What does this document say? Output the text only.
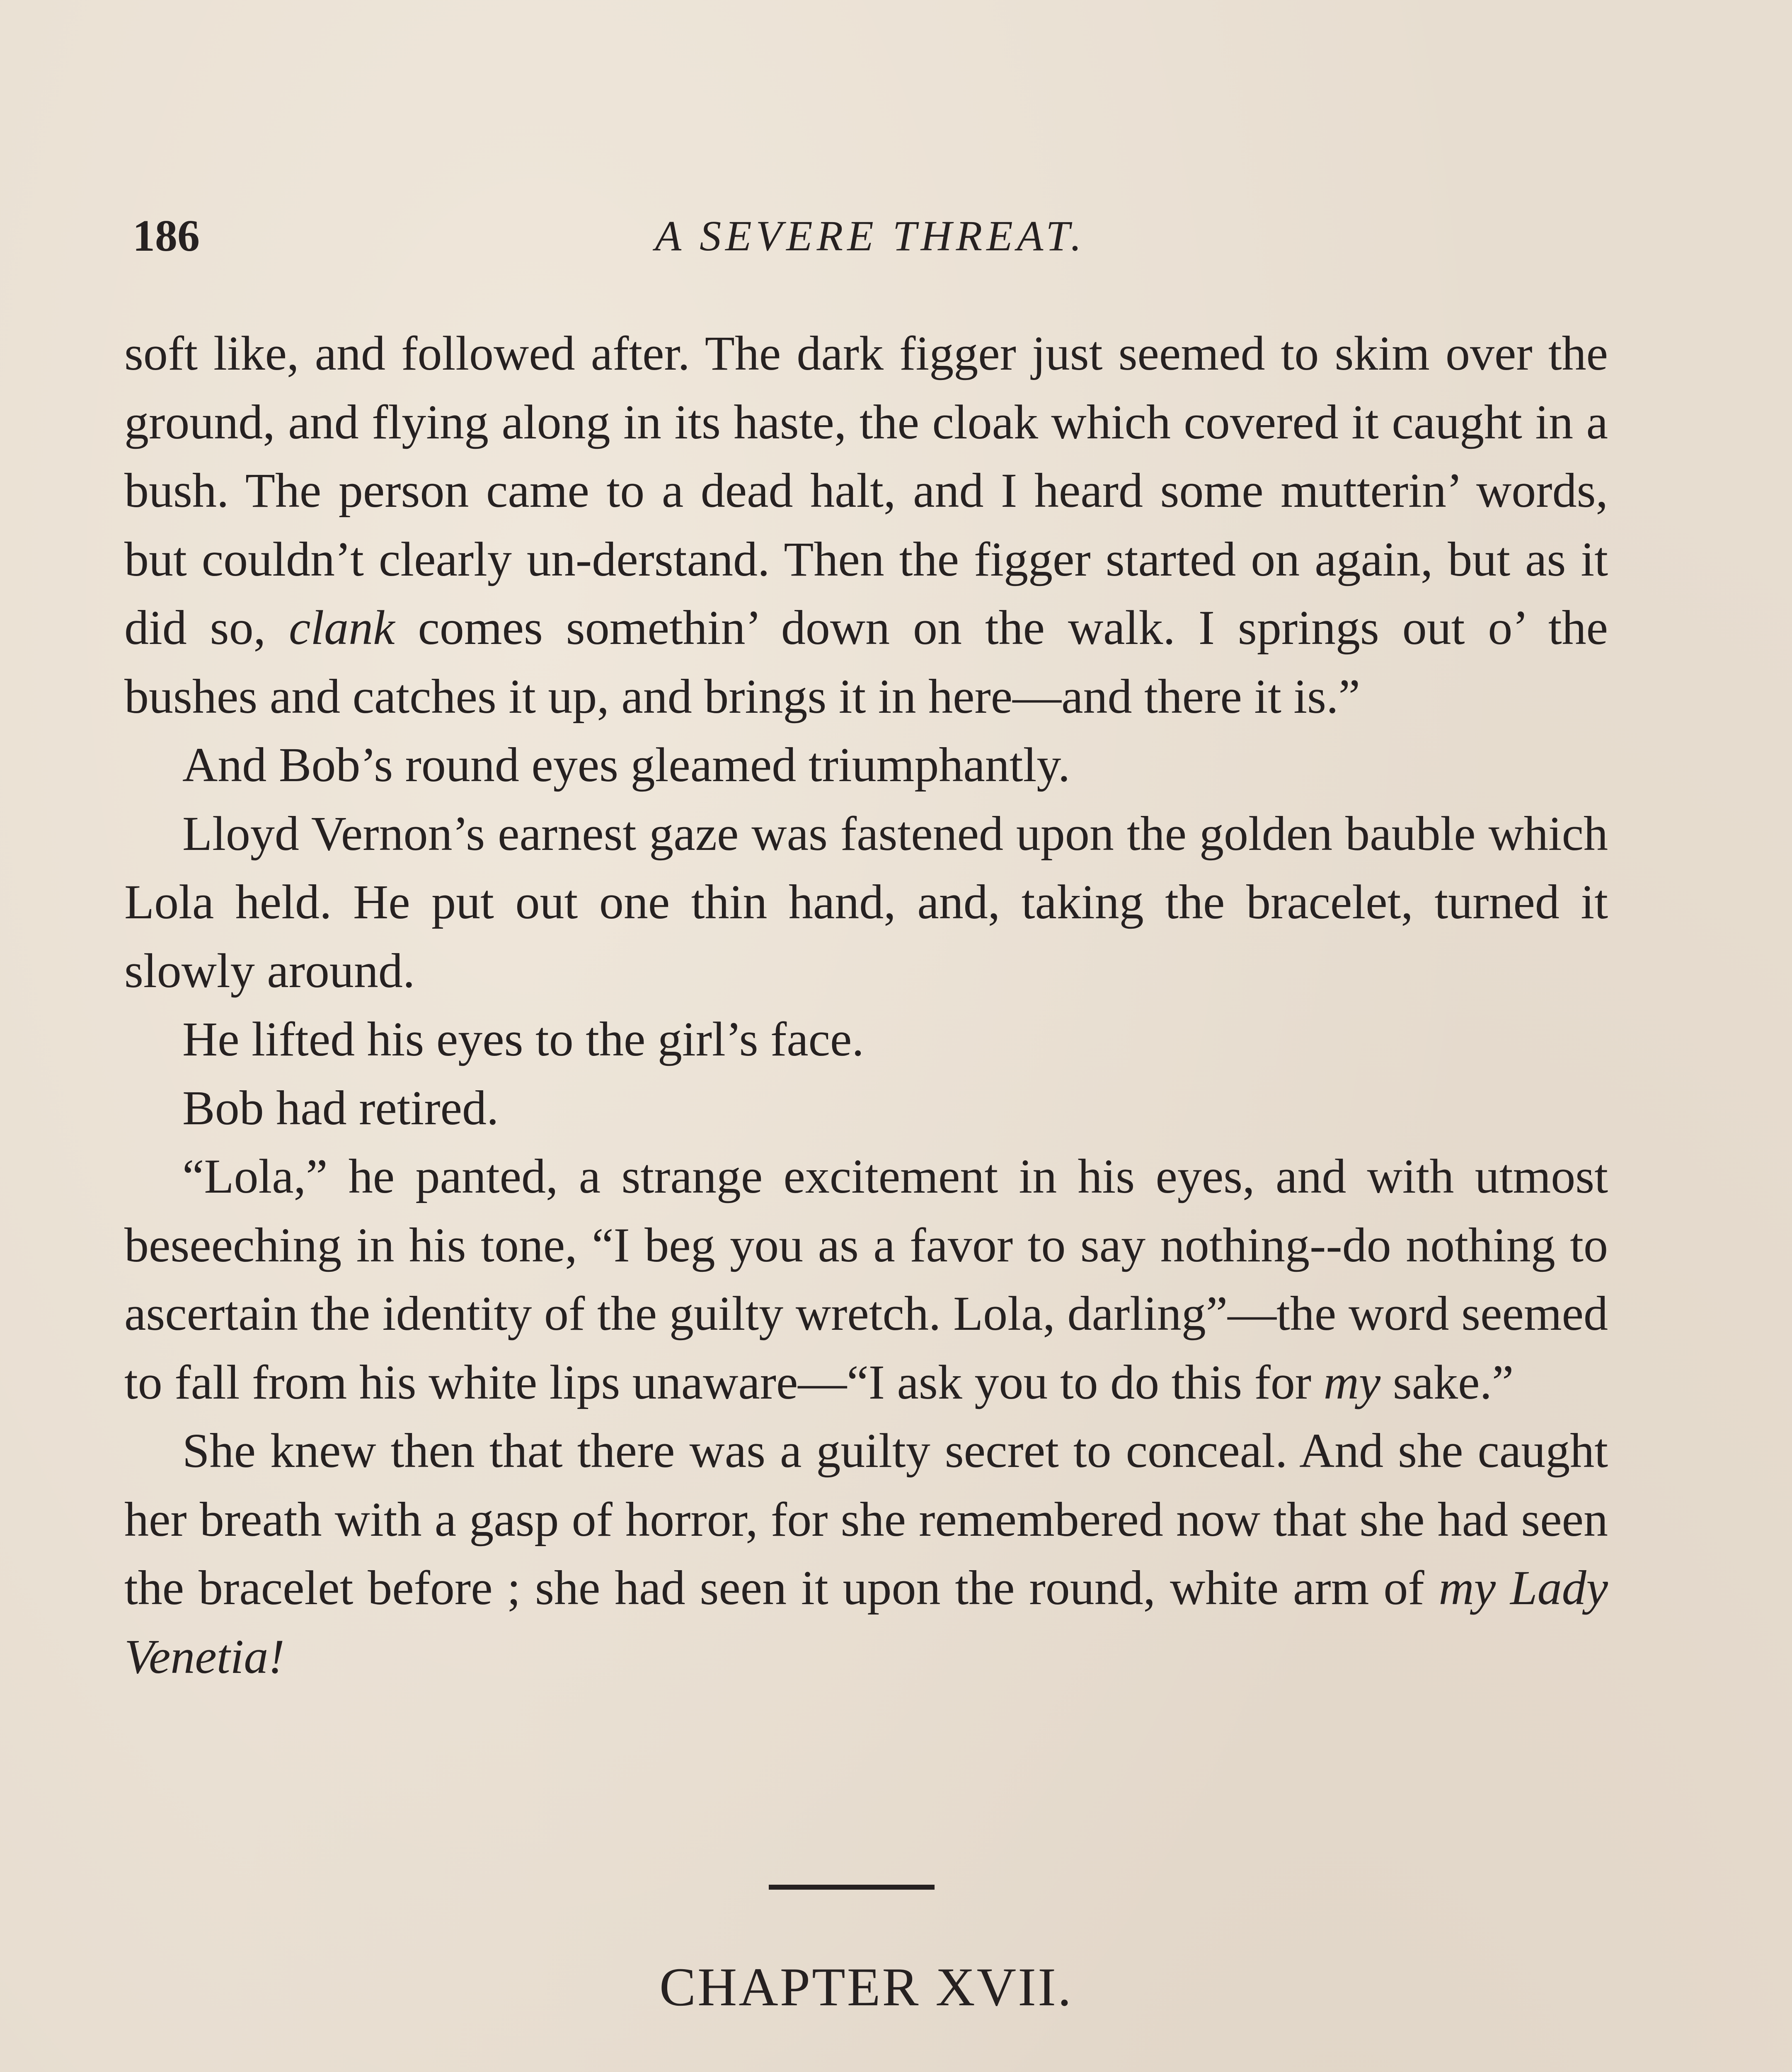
186	A SEVERE THREAT.

soft like, and followed after. The dark figger just seemed to skim over the ground, and flying along in its haste, the cloak which covered it caught in a bush. The person came to a dead halt, and I heard some mutterin’ words, but couldn’t clearly un-derstand. Then the figger started on again, but as it did so, clank comes somethin’ down on the walk. I springs out o’ the bushes and catches it up, and brings it in here—and there it is.”

And Bob’s round eyes gleamed triumphantly.

Lloyd Vernon’s earnest gaze was fastened upon the golden bauble which Lola held. He put out one thin hand, and, taking the bracelet, turned it slowly around.

He lifted his eyes to the girl’s face.

Bob had retired.

“Lola,” he panted, a strange excitement in his eyes, and with utmost beseeching in his tone, “I beg you as a favor to say nothing--do nothing to ascertain the identity of the guilty wretch. Lola, darling”—the word seemed to fall from his white lips unaware—“I ask you to do this for my sake.”

She knew then that there was a guilty secret to conceal. And she caught her breath with a gasp of horror, for she remembered now that she had seen the bracelet before ; she had seen it upon the round, white arm of my Lady Venetia!

CHAPTER XVII.
